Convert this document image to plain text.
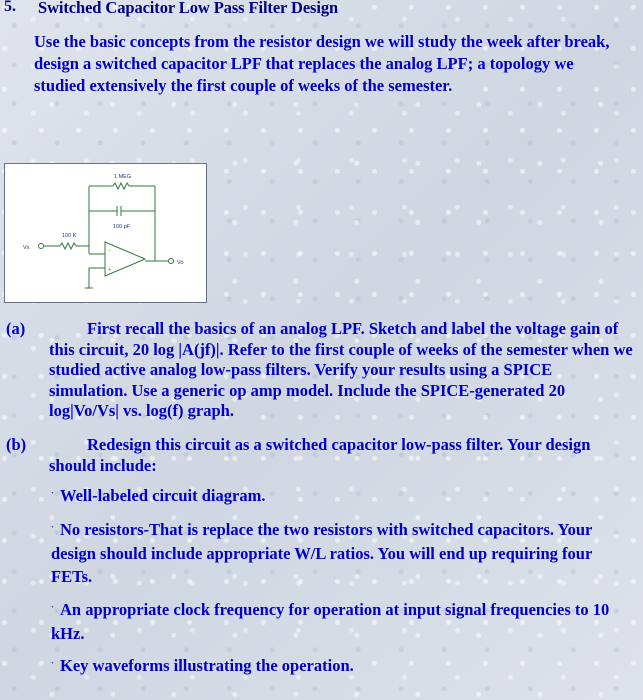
5. Switched Capacitor Low Pass Filter Design
Use the basic concepts from the resistor design we will study the week after break, design a switched capacitor LPF that replaces the analog LPF; a topology we studied extensively the first couple of weeks of the semester.
−
+
1 MEG
100 pF
100 K
Vs
Vo
(a)	First recall the basics of an analog LPF. Sketch and label the voltage gain of this circuit, 20 log |A(jf)|. Refer to the first couple of weeks of the semester when we studied active analog low-pass filters. Verify your results using a SPICE simulation. Use a generic op amp model. Include the SPICE-generated 20 log|Vo/Vs| vs. log(f) graph.
(b)	Redesign this circuit as a switched capacitor low-pass filter. Your design should include:
· Well-labeled circuit diagram.
· No resistors-That is replace the two resistors with switched capacitors. Your design should include appropriate W/L ratios. You will end up requiring four FETs.
· An appropriate clock frequency for operation at input signal frequencies to 10 kHz.
· Key waveforms illustrating the operation.
